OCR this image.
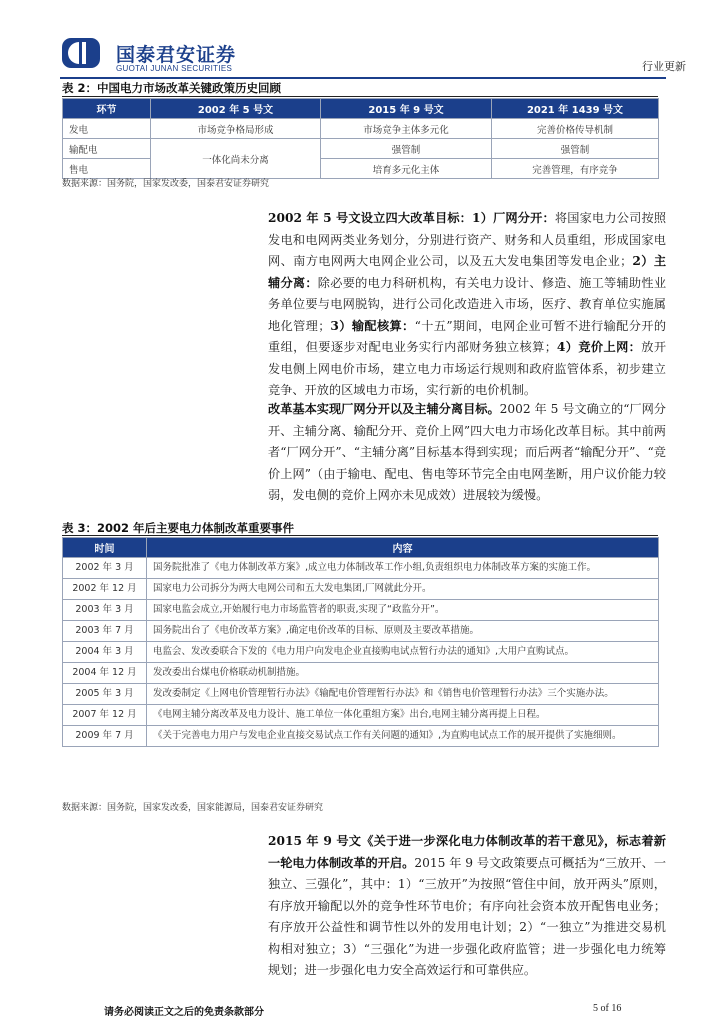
国泰君安证券
GUOTAI JUNAN SECURITIES	行业更新
表 2：中国电力市场改革关键政策历史回顾
环节	2002 年 5 号文	2015 年 9 号文	2021 年 1439 号文
发电	市场竞争格局形成	市场竞争主体多元化	完善价格传导机制
输配电	一体化尚未分离	强管制	强管制
售电		培育多元化主体	完善管理，有序竞争
数据来源：国务院，国家发改委，国泰君安证券研究
2002 年 5 号文设立四大改革目标：1）厂网分开：将国家电力公司按照发电和电网两类业务划分，分别进行资产、财务和人员重组，形成国家电网、南方电网两大电网企业公司，以及五大发电集团等发电企业；2）主辅分离：除必要的电力科研机构，有关电力设计、修造、施工等辅助性业务单位要与电网脱钩，进行公司化改造进入市场，医疗、教育单位实施属地化管理；3）输配核算：“十五”期间，电网企业可暂不进行输配分开的重组，但要逐步对配电业务实行内部财务独立核算；4）竞价上网：放开发电侧上网电价市场，建立电力市场运行规则和政府监管体系，初步建立竞争、开放的区域电力市场，实行新的电价机制。
改革基本实现厂网分开以及主辅分离目标。2002 年 5 号文确立的“厂网分开、主辅分离、输配分开、竞价上网”四大电力市场化改革目标。其中前两者“厂网分开”、“主辅分离”目标基本得到实现；而后两者“输配分开”、“竞价上网”（由于输电、配电、售电等环节完全由电网垄断，用户议价能力较弱，发电侧的竞价上网亦未见成效）进展较为缓慢。
表 3：2002 年后主要电力体制改革重要事件
时间	内容
2002 年 3 月	国务院批准了《电力体制改革方案》,成立电力体制改革工作小组,负责组织电力体制改革方案的实施工作。
2002 年 12 月	国家电力公司拆分为两大电网公司和五大发电集团,厂网就此分开。
2003 年 3 月	国家电监会成立,开始履行电力市场监管者的职责,实现了“政监分开”。
2003 年 7 月	国务院出台了《电价改革方案》,确定电价改革的目标、原则及主要改革措施。
2004 年 3 月	电监会、发改委联合下发的《电力用户向发电企业直接购电试点暂行办法的通知》,大用户直购试点。
2004 年 12 月	发改委出台煤电价格联动机制措施。
2005 年 3 月	发改委制定《上网电价管理暂行办法》《输配电价管理暂行办法》和《销售电价管理暂行办法》三个实施办法。
2007 年 12 月	《电网主辅分离改革及电力设计、施工单位一体化重组方案》出台,电网主辅分离再提上日程。
2009 年 7 月	《关于完善电力用户与发电企业直接交易试点工作有关问题的通知》,为直购电试点工作的展开提供了实施细则。
数据来源：国务院，国家发改委，国家能源局，国泰君安证券研究
2015 年 9 号文《关于进一步深化电力体制改革的若干意见》，标志着新一轮电力体制改革的开启。2015 年 9 号文政策要点可概括为“三放开、一独立、三强化”，其中：1）“三放开”为按照“管住中间，放开两头”原则，有序放开输配以外的竞争性环节电价；有序向社会资本放开配售电业务；有序放开公益性和调节性以外的发用电计划；2）“一独立”为推进交易机构相对独立；3）“三强化”为进一步强化政府监管；进一步强化电力统筹规划；进一步强化电力安全高效运行和可靠供应。
请务必阅读正文之后的免责条款部分	5 of 16
